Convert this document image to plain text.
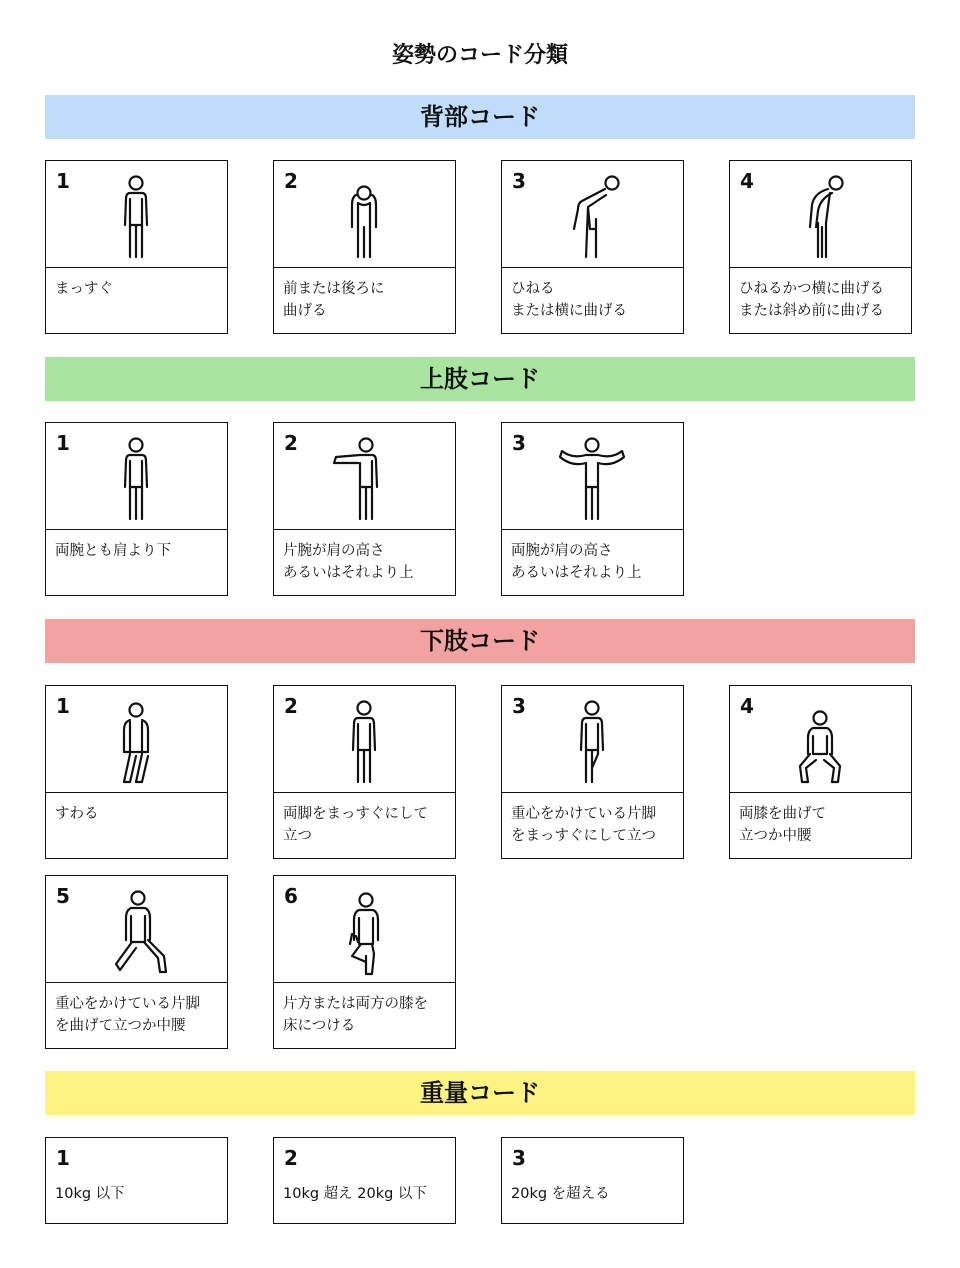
姿勢のコード分類
背部コード
1
まっすぐ
2
前または後ろに
曲げる
3
ひねる
または横に曲げる
4
ひねるかつ横に曲げる
または斜め前に曲げる
上肢コード
1
両腕とも肩より下
2
片腕が肩の高さ
あるいはそれより上
3
両腕が肩の高さ
あるいはそれより上
下肢コード
1
すわる
2
両脚をまっすぐにして
立つ
3
重心をかけている片脚
をまっすぐにして立つ
4
両膝を曲げて
立つか中腰
5
重心をかけている片脚
を曲げて立つか中腰
6
片方または両方の膝を
床につける
重量コード
1
10kg 以下
2
10kg 超え 20kg 以下
3
20kg を超える
